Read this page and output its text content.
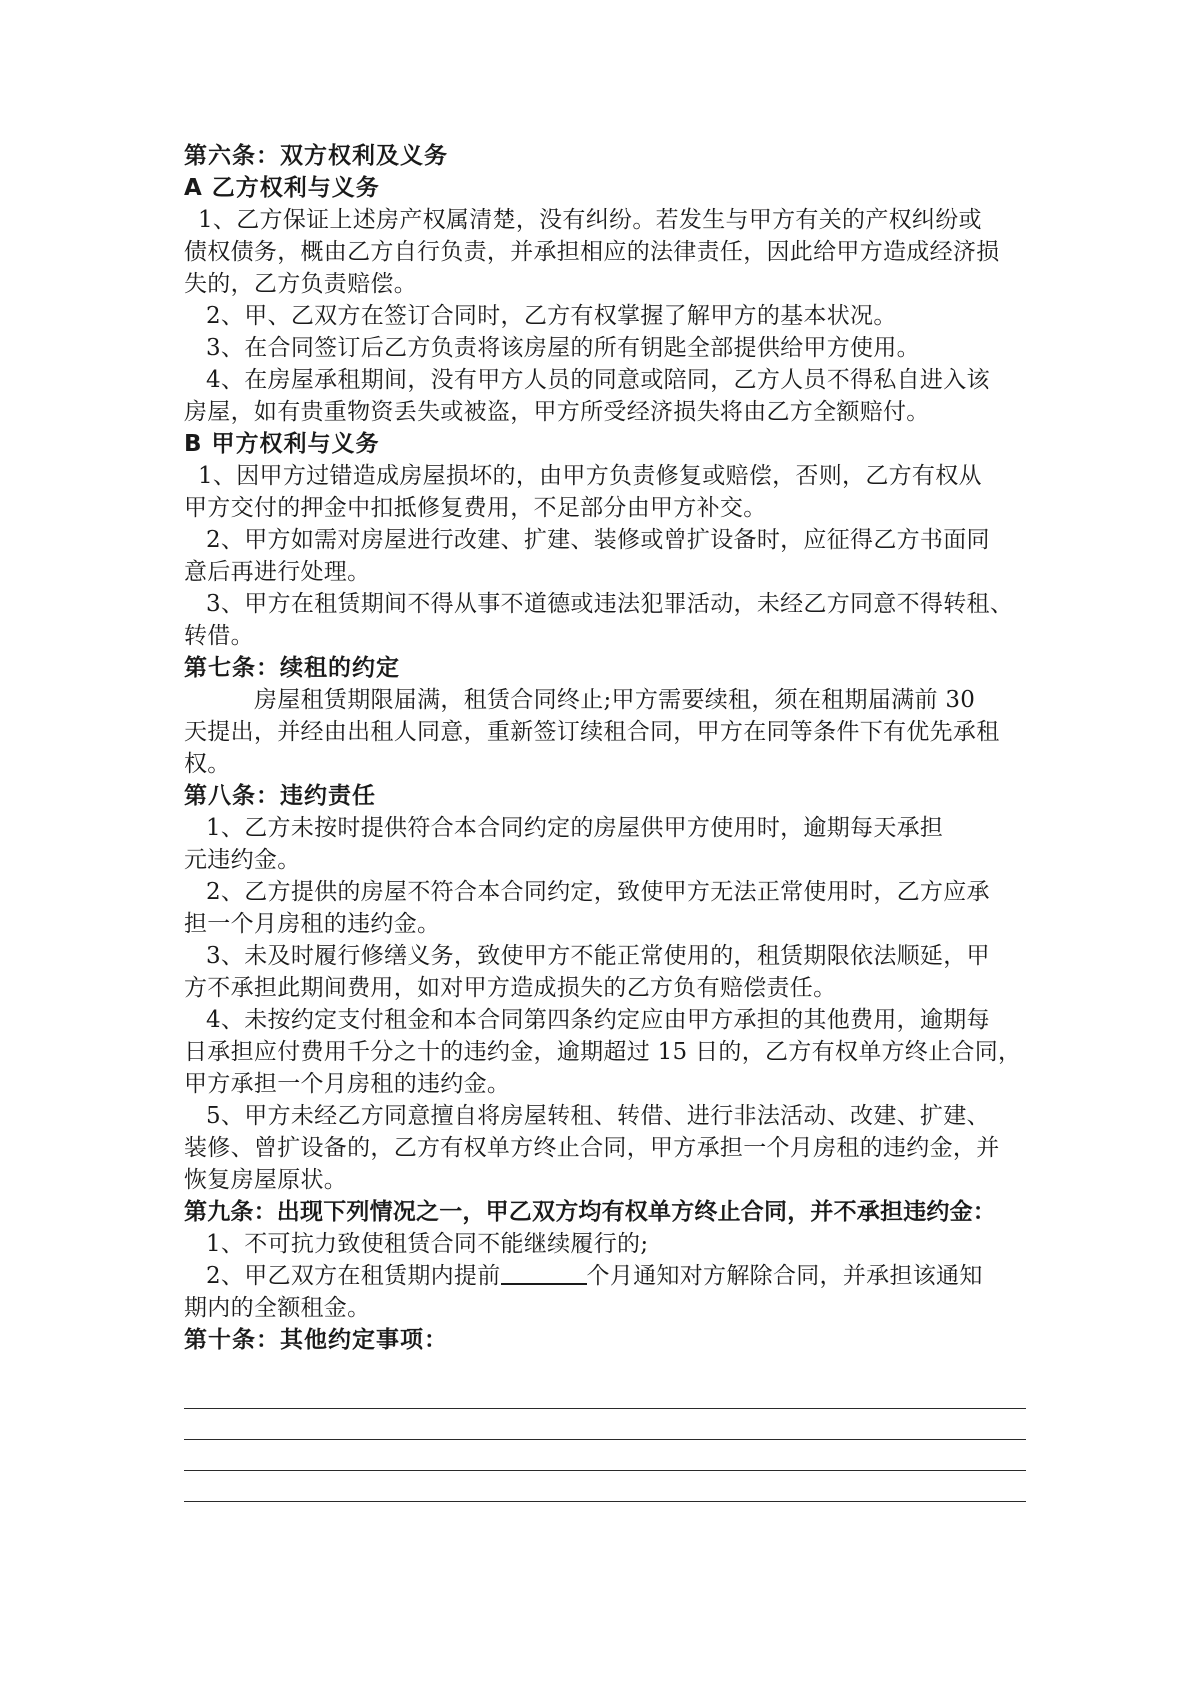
第六条：双方权利及义务
A 乙方权利与义务
1、乙方保证上述房产权属清楚，没有纠纷。若发生与甲方有关的产权纠纷或
债权债务，概由乙方自行负责，并承担相应的法律责任，因此给甲方造成经济损
失的，乙方负责赔偿。
2、甲、乙双方在签订合同时，乙方有权掌握了解甲方的基本状况。
3、在合同签订后乙方负责将该房屋的所有钥匙全部提供给甲方使用。
4、在房屋承租期间，没有甲方人员的同意或陪同，乙方人员不得私自进入该
房屋，如有贵重物资丢失或被盗，甲方所受经济损失将由乙方全额赔付。
B 甲方权利与义务
1、因甲方过错造成房屋损坏的，由甲方负责修复或赔偿，否则，乙方有权从
甲方交付的押金中扣抵修复费用，不足部分由甲方补交。
2、甲方如需对房屋进行改建、扩建、装修或曾扩设备时，应征得乙方书面同
意后再进行处理。
3、甲方在租赁期间不得从事不道德或违法犯罪活动，未经乙方同意不得转租、
转借。
第七条：续租的约定
房屋租赁期限届满，租赁合同终止;甲方需要续租，须在租期届满前 30
天提出，并经由出租人同意，重新签订续租合同，甲方在同等条件下有优先承租
权。
第八条：违约责任
1、乙方未按时提供符合本合同约定的房屋供甲方使用时，逾期每天承担
元违约金。
2、乙方提供的房屋不符合本合同约定，致使甲方无法正常使用时，乙方应承
担一个月房租的违约金。
3、未及时履行修缮义务，致使甲方不能正常使用的，租赁期限依法顺延，甲
方不承担此期间费用，如对甲方造成损失的乙方负有赔偿责任。
4、未按约定支付租金和本合同第四条约定应由甲方承担的其他费用，逾期每
日承担应付费用千分之十的违约金，逾期超过 15 日的，乙方有权单方终止合同，
甲方承担一个月房租的违约金。
5、甲方未经乙方同意擅自将房屋转租、转借、进行非法活动、改建、扩建、
装修、曾扩设备的，乙方有权单方终止合同，甲方承担一个月房租的违约金，并
恢复房屋原状。
第九条：出现下列情况之一，甲乙双方均有权单方终止合同，并不承担违约金：
1、不可抗力致使租赁合同不能继续履行的;
2、甲乙双方在租赁期内提前	个月通知对方解除合同，并承担该通知
期内的全额租金。
第十条：其他约定事项：
